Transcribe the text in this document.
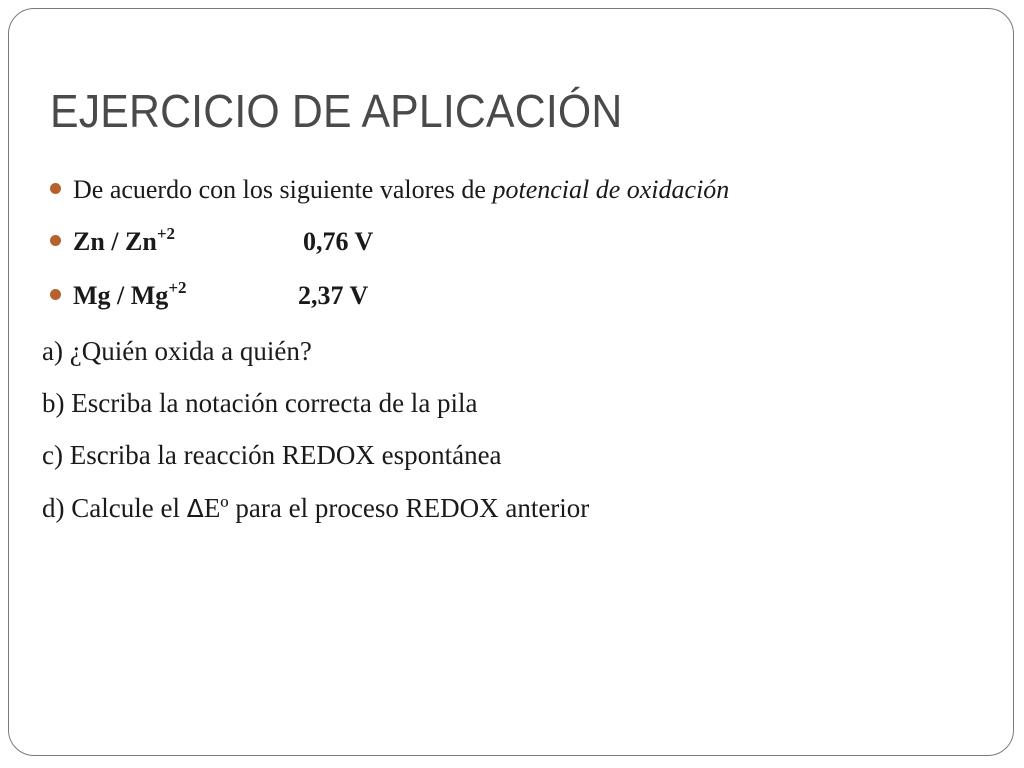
EJERCICIO DE APLICACIÓN
De acuerdo con los siguiente valores de potencial de oxidación
Zn / $Zn^{+2}$	0,76 V
Mg / $Mg^{+2}$	2,37 V
a) ¿Quién oxida a quién?
b) Escriba la notación correcta de la pila
c) Escriba la reacción REDOX espontánea
d) Calcule el ΔEº para el proceso REDOX anterior
